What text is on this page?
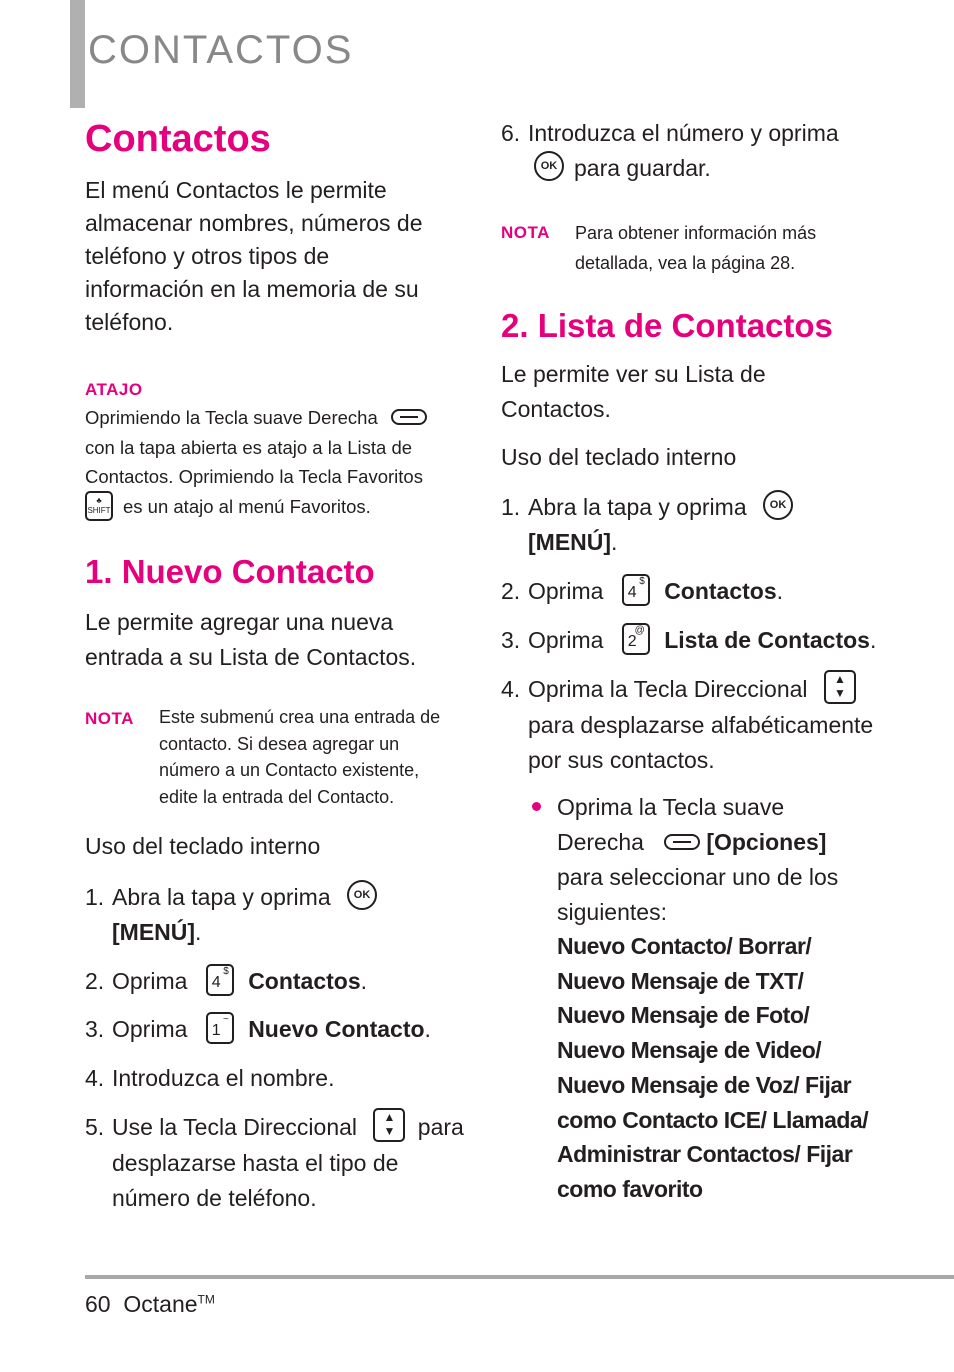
CONTACTOS
Contactos

El menú Contactos le permite almacenar nombres, números de teléfono y otros tipos de información en la memoria de su teléfono.

ATAJO
Oprimiendo la Tecla suave Derecha
con la tapa abierta es atajo a la Lista de Contactos. Oprimiendo la Tecla Favoritos

♣
SHIFT es un atajo al menú Favoritos.
1. Nuevo Contacto

Le permite agregar una nueva entrada a su Lista de Contactos.

NOTA Este submenú crea una entrada de contacto. Si desea agregar un número a un Contacto existente, edite la entrada del Contacto.

Uso del teclado interno
1. Abra la tapa y oprima OK
[MENÚ].
2. Oprima 4
$ Contactos.
3. Oprima 1
~ Nuevo Contacto.
4. Introduzca el nombre.
5. Use la Tecla Direccional ▲
▼ para
desplazarse hasta el tipo de
número de teléfono.
6. Introduzca el número y oprima
OK para guardar.
NOTA Para obtener información más detallada, vea la página 28.

2. Lista de Contactos

Le permite ver su Lista de Contactos.

Uso del teclado interno
1. Abra la tapa y oprima OK
[MENÚ].
2. Oprima 4
$ Contactos.
3. Oprima 2
@ Lista de Contactos.
4. Oprima la Tecla Direccional ▲
▼
para desplazarse alfabéticamente
por sus contactos.
Oprima la Tecla suave
Derecha	[Opciones]
para seleccionar uno de los
siguientes:
Nuevo Contacto/ Borrar/
Nuevo Mensaje de TXT/
Nuevo Mensaje de Foto/
Nuevo Mensaje de Video/
Nuevo Mensaje de Voz/ Fijar
como Contacto ICE/ Llamada/
Administrar Contactos/ Fijar
como favorito
60 Octane™
